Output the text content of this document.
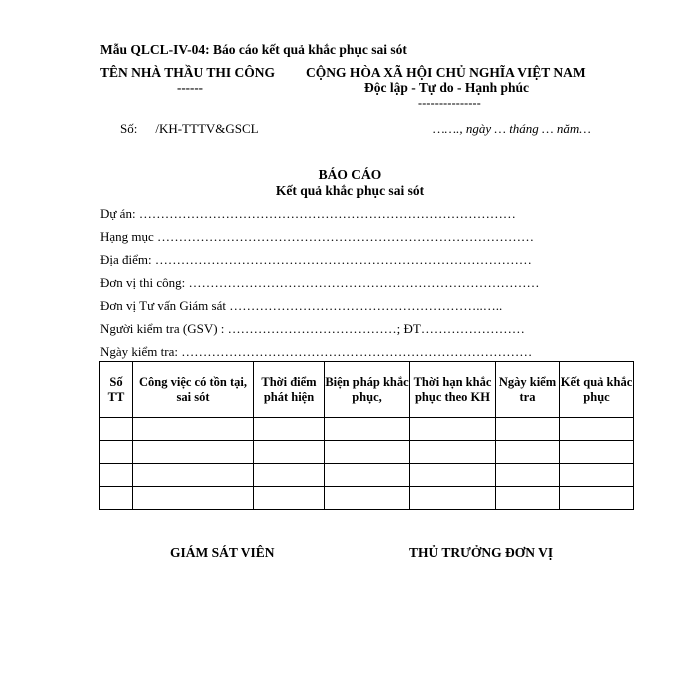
Mẫu QLCL-IV-04: Báo cáo kết quả khắc phục sai sót
TÊN NHÀ THẦU THI CÔNG
------
CỘNG HÒA XÃ HỘI CHỦ NGHĨA VIỆT NAM
Độc lập - Tự do - Hạnh phúc
---------------
Số: /KH-TTTV&GSCL	……., ngày … tháng … năm…
BÁO CÁO
Kết quả khắc phục sai sót
Dự án: ……………………………………………………………………………
Hạng mục ……………………………………………………………………………
Địa điểm: ……………………………………………………………………………
Đơn vị thi công: ………………………………………………………………………
Đơn vị Tư vấn Giám sát …………………………………………………..…..
Người kiểm tra (GSV) : …………………………………; ĐT……………………
Ngày kiểm tra: ………………………………………………………………………
Số TT	Công việc có tồn tại, sai sót	Thời điểm phát hiện	Biện pháp khắc phục,	Thời hạn khắc phục theo KH	Ngày kiểm tra	Kết quả khắc phục

GIÁM SÁT VIÊN	THỦ TRƯỞNG ĐƠN VỊ
